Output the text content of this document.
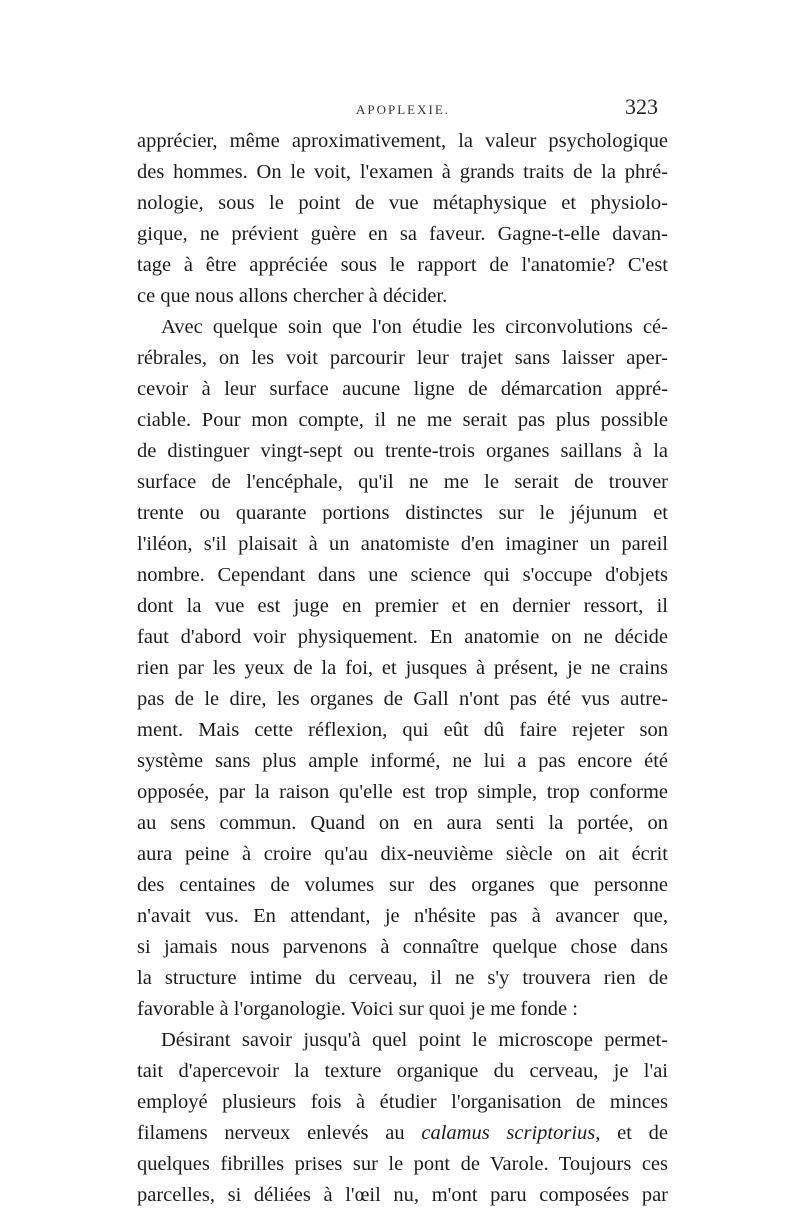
APOPLEXIE.	323
apprécier, même aproximativement, la valeur psychologique
des hommes. On le voit, l'examen à grands traits de la phré-
nologie, sous le point de vue métaphysique et physiolo-
gique, ne prévient guère en sa faveur. Gagne-t-elle davan-
tage à être appréciée sous le rapport de l'anatomie? C'est
ce que nous allons chercher à décider.
Avec quelque soin que l'on étudie les circonvolutions cé-
rébrales, on les voit parcourir leur trajet sans laisser aper-
cevoir à leur surface aucune ligne de démarcation appré-
ciable. Pour mon compte, il ne me serait pas plus possible
de distinguer vingt-sept ou trente-trois organes saillans à la
surface de l'encéphale, qu'il ne me le serait de trouver
trente ou quarante portions distinctes sur le jéjunum et
l'iléon, s'il plaisait à un anatomiste d'en imaginer un pareil
nombre. Cependant dans une science qui s'occupe d'objets
dont la vue est juge en premier et en dernier ressort, il
faut d'abord voir physiquement. En anatomie on ne décide
rien par les yeux de la foi, et jusques à présent, je ne crains
pas de le dire, les organes de Gall n'ont pas été vus autre-
ment. Mais cette réflexion, qui eût dû faire rejeter son
système sans plus ample informé, ne lui a pas encore été
opposée, par la raison qu'elle est trop simple, trop conforme
au sens commun. Quand on en aura senti la portée, on
aura peine à croire qu'au dix-neuvième siècle on ait écrit
des centaines de volumes sur des organes que personne
n'avait vus. En attendant, je n'hésite pas à avancer que,
si jamais nous parvenons à connaître quelque chose dans
la structure intime du cerveau, il ne s'y trouvera rien de
favorable à l'organologie. Voici sur quoi je me fonde :
Désirant savoir jusqu'à quel point le microscope permet-
tait d'apercevoir la texture organique du cerveau, je l'ai
employé plusieurs fois à étudier l'organisation de minces
filamens nerveux enlevés au calamus scriptorius, et de
quelques fibrilles prises sur le pont de Varole. Toujours ces
parcelles, si déliées à l'œil nu, m'ont paru composées par
